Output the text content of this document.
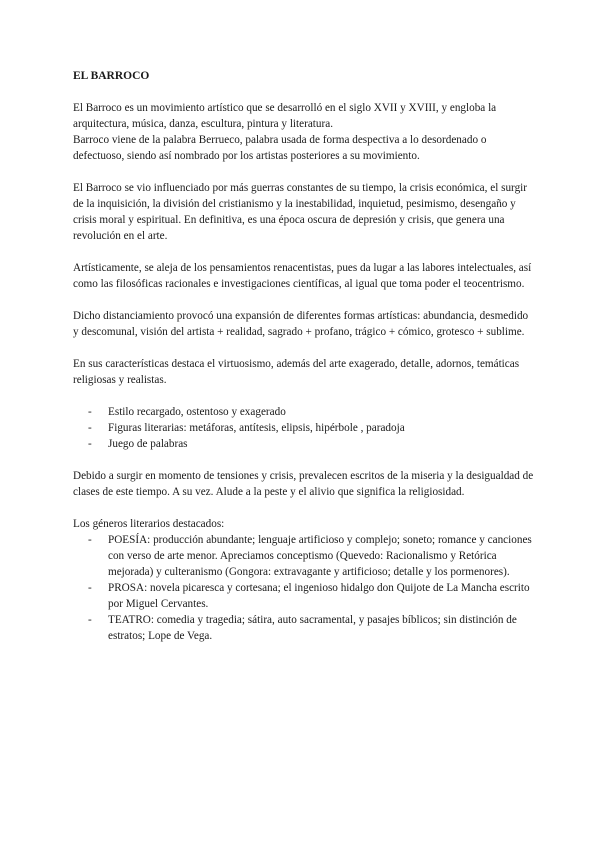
EL BARROCO

El Barroco es un movimiento artístico que se desarrolló en el siglo XVII y XVIII, y engloba la arquitectura, música, danza, escultura, pintura y literatura.

Barroco viene de la palabra Berrueco, palabra usada de forma despectiva a lo desordenado o defectuoso, siendo así nombrado por los artistas posteriores a su movimiento.

El Barroco se vio influenciado por más guerras constantes de su tiempo, la crisis económica, el surgir de la inquisición, la división del cristianismo y la inestabilidad, inquietud, pesimismo, desengaño y crisis moral y espiritual. En definitiva, es una época oscura de depresión y crisis, que genera una revolución en el arte.

Artísticamente, se aleja de los pensamientos renacentistas, pues da lugar a las labores intelectuales, así como las filosóficas racionales e investigaciones científicas, al igual que toma poder el teocentrismo.

Dicho distanciamiento provocó una expansión de diferentes formas artísticas: abundancia, desmedido y descomunal, visión del artista + realidad, sagrado + profano, trágico + cómico, grotesco + sublime.

En sus características destaca el virtuosismo, además del arte exagerado, detalle, adornos, temáticas religiosas y realistas.

- Estilo recargado, ostentoso y exagerado
- Figuras literarias: metáforas, antítesis, elipsis, hipérbole , paradoja
- Juego de palabras

Debido a surgir en momento de tensiones y crisis, prevalecen escritos de la miseria y la desigualdad de clases de este tiempo. A su vez. Alude a la peste y el alivio que significa la religiosidad.

Los géneros literarios destacados:

- POESÍA: producción abundante; lenguaje artificioso y complejo; soneto; romance y canciones con verso de arte menor. Apreciamos conceptismo (Quevedo: Racionalismo y Retórica mejorada) y culteranismo (Gongora: extravagante y artificioso; detalle y los pormenores).
- PROSA: novela picaresca y cortesana; el ingenioso hidalgo don Quijote de La Mancha escrito por Miguel Cervantes.
- TEATRO: comedia y tragedia; sátira, auto sacramental, y pasajes bíblicos; sin distinción de estratos; Lope de Vega.
